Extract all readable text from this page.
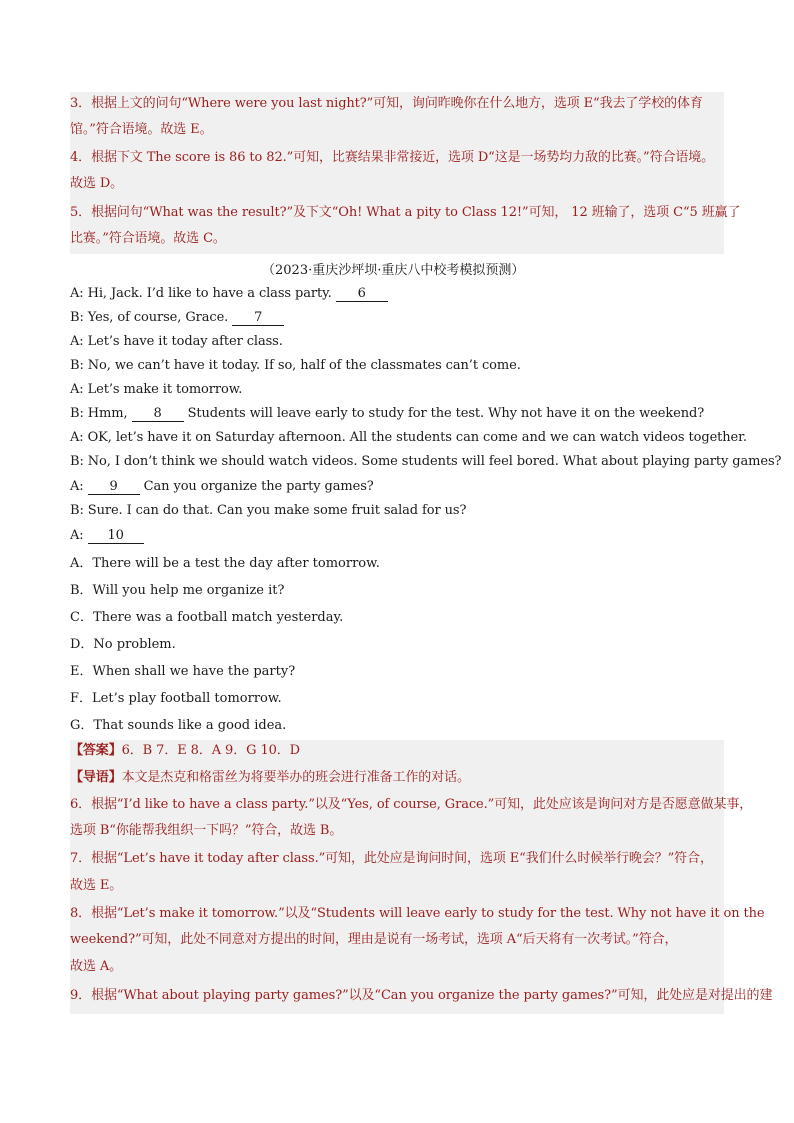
3．根据上文的问句“Where were you last night?”可知，询问昨晚你在什么地方，选项 E“我去了学校的体育
馆。”符合语境。故选 E。
4．根据下文 The score is 86 to 82.”可知，比赛结果非常接近，选项 D“这是一场势均力敌的比赛。”符合语境。
故选 D。
5．根据问句“What was the result?”及下文“Oh! What a pity to Class 12!”可知， 12 班输了，选项 C“5 班赢了
比赛。”符合语境。故选 C。
（2023·重庆沙坪坝·重庆八中校考模拟预测）
A: Hi, Jack. I’d like to have a class party. 6
B: Yes, of course, Grace. 7
A: Let’s have it today after class.
B: No, we can’t have it today. If so, half of the classmates can’t come.
A: Let’s make it tomorrow.
B: Hmm, 8 Students will leave early to study for the test. Why not have it on the weekend?
A: OK, let’s have it on Saturday afternoon. All the students can come and we can watch videos together.
B: No, I don’t think we should watch videos. Some students will feel bored. What about playing party games?
A: 9 Can you organize the party games?
B: Sure. I can do that. Can you make some fruit salad for us?
A: 10
A．There will be a test the day after tomorrow.
B．Will you help me organize it?
C．There was a football match yesterday.
D．No problem.
E．When shall we have the party?
F．Let’s play football tomorrow.
G．That sounds like a good idea.
【答案】6．B 7．E 8．A 9．G 10．D
【导语】本文是杰克和格雷丝为将要举办的班会进行准备工作的对话。
6．根据“I’d like to have a class party.”以及“Yes, of course, Grace.”可知，此处应该是询问对方是否愿意做某事，
选项 B“你能帮我组织一下吗？”符合，故选 B。
7．根据“Let’s have it today after class.”可知，此处应是询问时间，选项 E“我们什么时候举行晚会？”符合，
故选 E。
8．根据“Let’s make it tomorrow.”以及“Students will leave early to study for the test. Why not have it on the
weekend?”可知，此处不同意对方提出的时间，理由是说有一场考试，选项 A“后天将有一次考试。”符合，
故选 A。
9．根据“What about playing party games?”以及“Can you organize the party games?”可知，此处应是对提出的建
